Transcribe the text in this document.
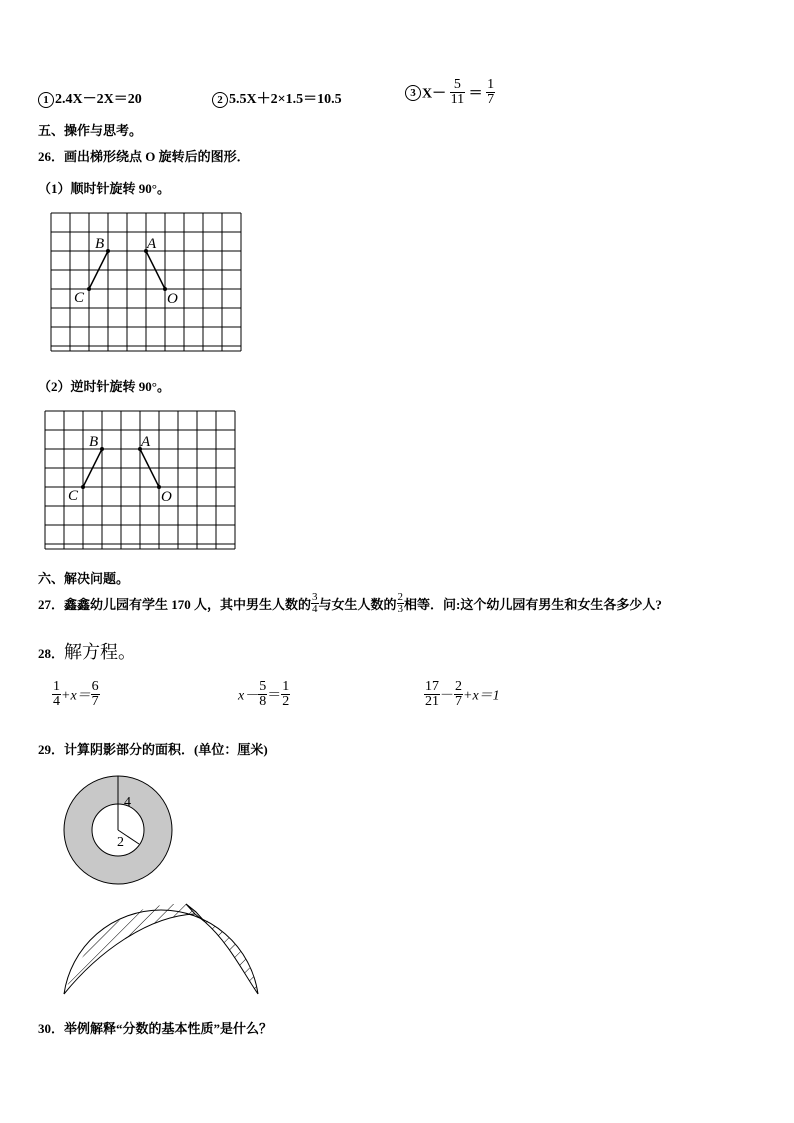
1 2.4X－2X＝20	2 5.5X＋2×1.5＝10.5	3 $X- \frac{5}{11} = \frac{1}{7}$
五、操作与思考。
26．画出梯形绕点 O 旋转后的图形．
（1）顺时针旋转 90°。
B	A
C	O
（2）逆时针旋转 90°。
B	A
C	O
六、解决问题。
27．鑫鑫幼儿园有学生 170 人，其中男生人数的 $\frac{3}{4}$ 与女生人数的 $\frac{2}{3}$ 相等．问:这个幼儿园有男生和女生各多少人?
28．解方程。
$\frac{1}{4} +x= \frac{6}{7}$	$x- \frac{5}{8} = \frac{1}{2}$	$\frac{17}{21} - \frac{2}{7} +x=1$
29．计算阴影部分的面积．(单位：厘米)
4
2
30．举例解释“分数的基本性质”是什么？
